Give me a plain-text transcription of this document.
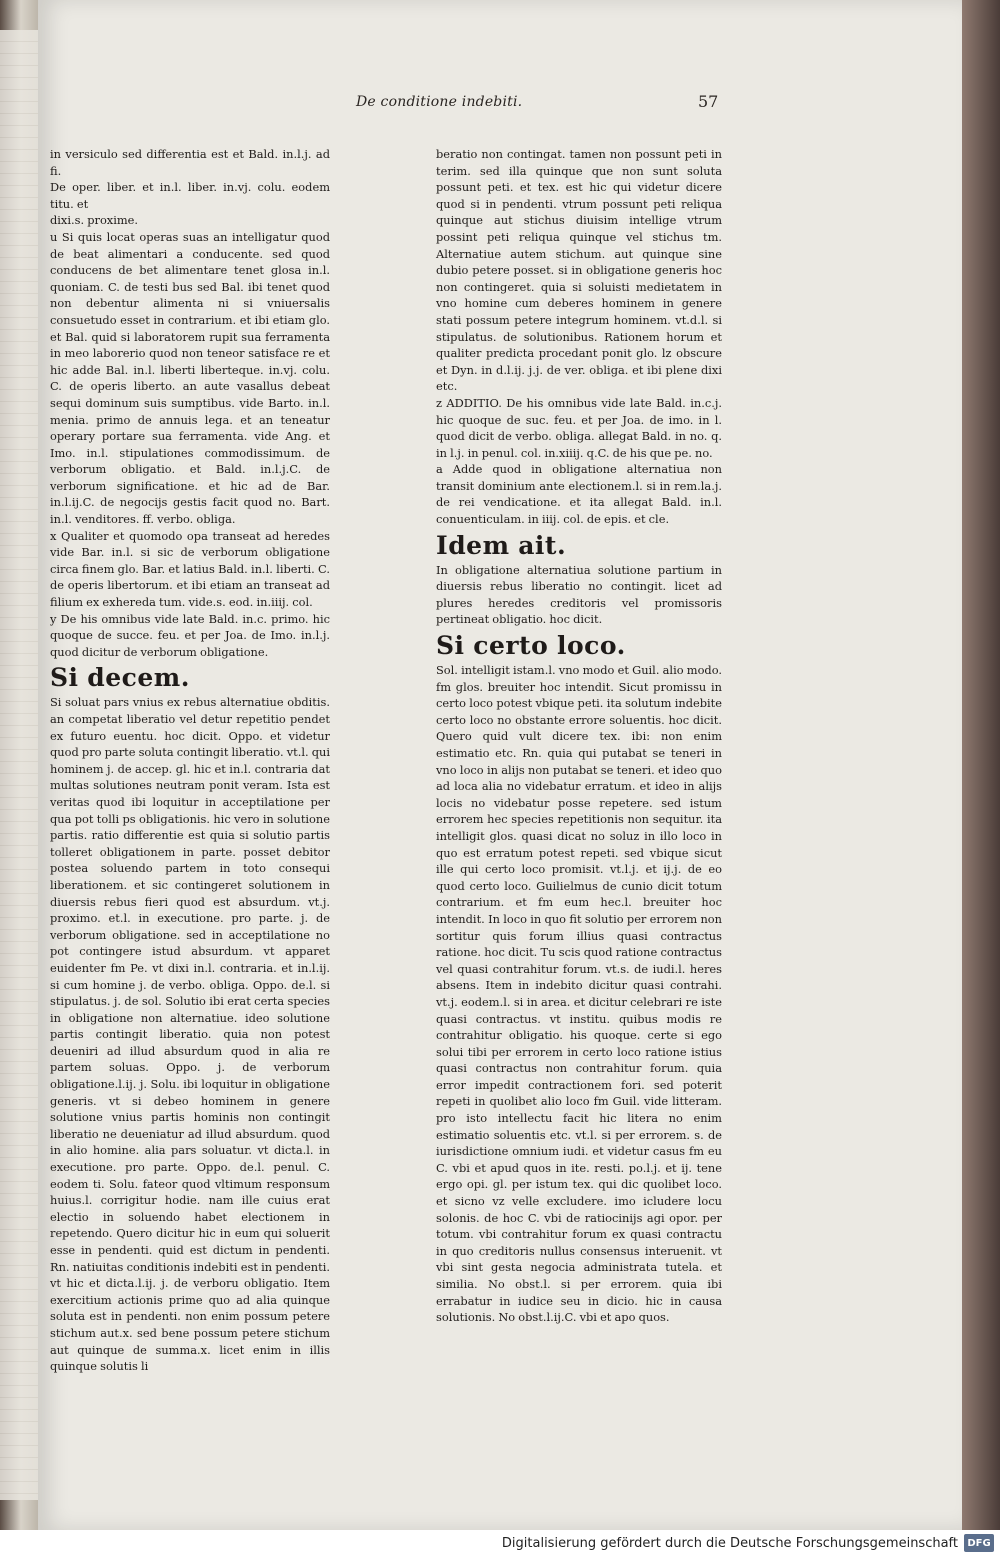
De conditione indebiti.	57

in versiculo sed differentia est et Bald. in.l.j. ad fi.

De oper. liber. et in.l. liber. in.vj. colu. eodem titu. et

dixi.s. proxime.

u Si quis locat operas suas an intelligatur quod de beat alimentari a conducente. sed quod conducens de bet alimentare tenet glosa in.l. quoniam. C. de testi bus sed Bal. ibi tenet quod non debentur alimenta ni si vniuersalis consuetudo esset in contrarium. et ibi etiam glo. et Bal. quid si laboratorem rupit sua ferramenta in meo laborerio quod non teneor satisface re et hic adde Bal. in.l. liberti liberteque. in.vj. colu. C. de operis liberto. an aute vasallus debeat sequi dominum suis sumptibus. vide Barto. in.l. menia. primo de annuis lega. et an teneatur operary portare sua ferramenta. vide Ang. et Imo. in.l. stipulationes commodissimum. de verborum obligatio. et Bald. in.l.j.C. de verborum significatione. et hic ad de Bar. in.l.ij.C. de negocijs gestis facit quod no. Bart. in.l. venditores. ff. verbo. obliga.

x Qualiter et quomodo opa transeat ad heredes vide Bar. in.l. si sic de verborum obligatione circa finem glo. Bar. et latius Bald. in.l. liberti. C. de operis libertorum. et ibi etiam an transeat ad filium ex exhereda tum. vide.s. eod. in.iiij. col.

y De his omnibus vide late Bald. in.c. primo. hic quoque de succe. feu. et per Joa. de Imo. in.l.j. quod dicitur de verborum obligatione.

Si decem.

Si soluat pars vnius ex rebus alternatiue obditis. an competat liberatio vel detur repetitio pendet ex futuro euentu. hoc dicit. Oppo. et videtur quod pro parte soluta contingit liberatio. vt.l. qui hominem j. de accep. gl. hic et in.l. contraria dat multas solutiones neutram ponit veram. Ista est veritas quod ibi loquitur in acceptilatione per qua pot tolli ps obligationis. hic vero in solutione partis. ratio differentie est quia si solutio partis tolleret obligationem in parte. posset debitor postea soluendo partem in toto consequi liberationem. et sic contingeret solutionem in diuersis rebus fieri quod est absurdum. vt.j. proximo. et.l. in executione. pro parte. j. de verborum obligatione. sed in acceptilatione no pot contingere istud absurdum. vt apparet euidenter fm Pe. vt dixi in.l. contraria. et in.l.ij. si cum homine j. de verbo. obliga. Oppo. de.l. si stipulatus. j. de sol. Solutio ibi erat certa species in obligatione non alternatiue. ideo solutione partis contingit liberatio. quia non potest deueniri ad illud absurdum quod in alia re partem soluas. Oppo. j. de verborum obligatione.l.ij. j. Solu. ibi loquitur in obligatione generis. vt si debeo hominem in genere solutione vnius partis hominis non contingit liberatio ne deueniatur ad illud absurdum. quod in alio homine. alia pars soluatur. vt dicta.l. in executione. pro parte. Oppo. de.l. penul. C. eodem ti. Solu. fateor quod vltimum responsum huius.l. corrigitur hodie. nam ille cuius erat electio in soluendo habet electionem in repetendo. Quero dicitur hic in eum qui soluerit esse in pendenti. quid est dictum in pendenti. Rn. natiuitas conditionis indebiti est in pendenti. vt hic et dicta.l.ij. j. de verboru obligatio. Item exercitium actionis prime quo ad alia quinque soluta est in pendenti. non enim possum petere stichum aut.x. sed bene possum petere stichum aut quinque de summa.x. licet enim in illis quinque solutis li

beratio non contingat. tamen non possunt peti in terim. sed illa quinque que non sunt soluta possunt peti. et tex. est hic qui videtur dicere quod si in pendenti. vtrum possunt peti reliqua quinque aut stichus diuisim intellige vtrum possint peti reliqua quinque vel stichus tm. Alternatiue autem stichum. aut quinque sine dubio petere posset. si in obligatione generis hoc non contingeret. quia si soluisti medietatem in vno homine cum deberes hominem in genere stati possum petere integrum hominem. vt.d.l. si stipulatus. de solutionibus. Rationem horum et qualiter predicta procedant ponit glo. lz obscure et Dyn. in d.l.ij. j.j. de ver. obliga. et ibi plene dixi etc.

z ADDITIO. De his omnibus vide late Bald. in.c.j. hic quoque de suc. feu. et per Joa. de imo. in l. quod dicit de verbo. obliga. allegat Bald. in no. q. in l.j. in penul. col. in.xiiij. q.C. de his que pe. no.

a Adde quod in obligatione alternatiua non transit dominium ante electionem.l. si in rem.la.j. de rei vendicatione. et ita allegat Bald. in.l. conuenticulam. in iiij. col. de epis. et cle.

Idem ait.

In obligatione alternatiua solutione partium in diuersis rebus liberatio no contingit. licet ad plures heredes creditoris vel promissoris pertineat obligatio. hoc dicit.

Si certo loco.

Sol. intelligit istam.l. vno modo et Guil. alio modo. fm glos. breuiter hoc intendit. Sicut promissu in certo loco potest vbique peti. ita solutum indebite certo loco no obstante errore soluentis. hoc dicit. Quero quid vult dicere tex. ibi: non enim estimatio etc. Rn. quia qui putabat se teneri in vno loco in alijs non putabat se teneri. et ideo quo ad loca alia no videbatur erratum. et ideo in alijs locis no videbatur posse repetere. sed istum errorem hec species repetitionis non sequitur. ita intelligit glos. quasi dicat no soluz in illo loco in quo est erratum potest repeti. sed vbique sicut ille qui certo loco promisit. vt.l.j. et ij.j. de eo quod certo loco. Guilielmus de cunio dicit totum contrarium. et fm eum hec.l. breuiter hoc intendit. In loco in quo fit solutio per errorem non sortitur quis forum illius quasi contractus ratione. hoc dicit. Tu scis quod ratione contractus vel quasi contrahitur forum. vt.s. de iudi.l. heres absens. Item in indebito dicitur quasi contrahi. vt.j. eodem.l. si in area. et dicitur celebrari re iste quasi contractus. vt institu. quibus modis re contrahitur obligatio. his quoque. certe si ego solui tibi per errorem in certo loco ratione istius quasi contractus non contrahitur forum. quia error impedit contractionem fori. sed poterit repeti in quolibet alio loco fm Guil. vide litteram. pro isto intellectu facit hic litera no enim estimatio soluentis etc. vt.l. si per errorem. s. de iurisdictione omnium iudi. et videtur casus fm eu C. vbi et apud quos in ite. resti. po.l.j. et ij. tene ergo opi. gl. per istum tex. qui dic quolibet loco. et sicno vz velle excludere. imo icludere locu solonis. de hoc C. vbi de ratiocinijs agi opor. per totum. vbi contrahitur forum ex quasi contractu in quo creditoris nullus consensus interuenit. vt vbi sint gesta negocia administrata tutela. et similia. No obst.l. si per errorem. quia ibi errabatur in iudice seu in dicio. hic in causa solutionis. No obst.l.ij.C. vbi et apo quos.

Digitalisierung gefördert durch die Deutsche Forschungsgemeinschaft DFG
